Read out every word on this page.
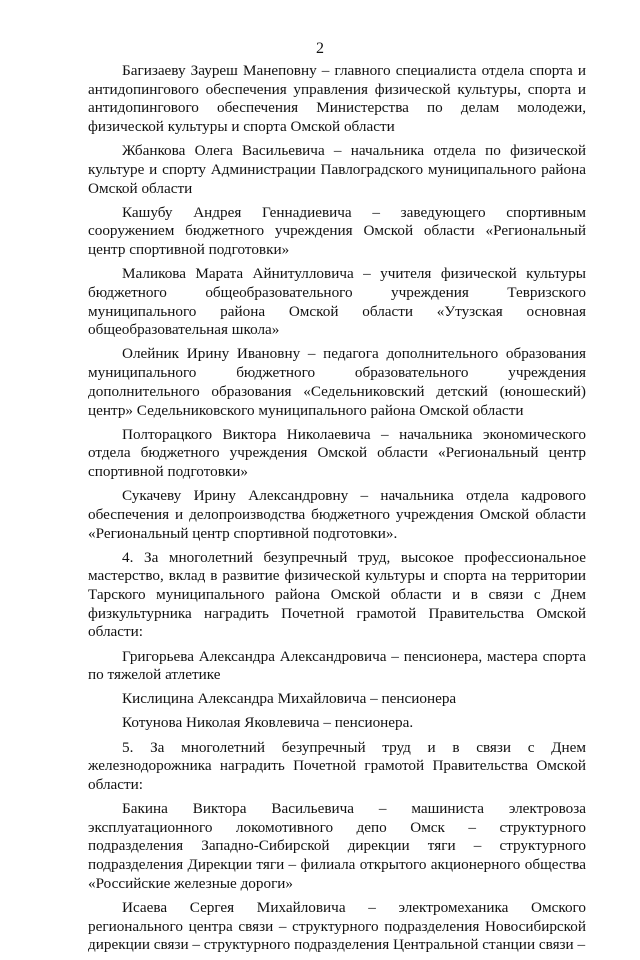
2

Багизаеву Зауреш Манеповну – главного специалиста отдела спорта и антидопингового обеспечения управления физической культуры, спорта и антидопингового обеспечения Министерства по делам молодежи, физической культуры и спорта Омской области

Жбанкова Олега Васильевича – начальника отдела по физической культуре и спорту Администрации Павлоградского муниципального района Омской области

Кашубу Андрея Геннадиевича – заведующего спортивным сооружением бюджетного учреждения Омской области «Региональный центр спортивной подготовки»

Маликова Марата Айнитулловича – учителя физической культуры бюджетного общеобразовательного учреждения Тевризского муниципального района Омской области «Утузская основная общеобразовательная школа»

Олейник Ирину Ивановну – педагога дополнительного образования муниципального бюджетного образовательного учреждения дополнительного образования «Седельниковский детский (юношеский) центр» Седельниковского муниципального района Омской области

Полторацкого Виктора Николаевича – начальника экономического отдела бюджетного учреждения Омской области «Региональный центр спортивной подготовки»

Сукачеву Ирину Александровну – начальника отдела кадрового обеспечения и делопроизводства бюджетного учреждения Омской области «Региональный центр спортивной подготовки».

4. За многолетний безупречный труд, высокое профессиональное мастерство, вклад в развитие физической культуры и спорта на территории Тарского муниципального района Омской области и в связи с Днем физкультурника наградить Почетной грамотой Правительства Омской области:

Григорьева Александра Александровича – пенсионера, мастера спорта по тяжелой атлетике

Кислицина Александра Михайловича – пенсионера

Котунова Николая Яковлевича – пенсионера.

5. За многолетний безупречный труд и в связи с Днем железнодорожника наградить Почетной грамотой Правительства Омской области:

Бакина Виктора Васильевича – машиниста электровоза эксплуатационного локомотивного депо Омск – структурного подразделения Западно-Сибирской дирекции тяги – структурного подразделения Дирекции тяги – филиала открытого акционерного общества «Российские железные дороги»

Исаева Сергея Михайловича – электромеханика Омского регионального центра связи – структурного подразделения Новосибирской дирекции связи – структурного подразделения Центральной станции связи –
